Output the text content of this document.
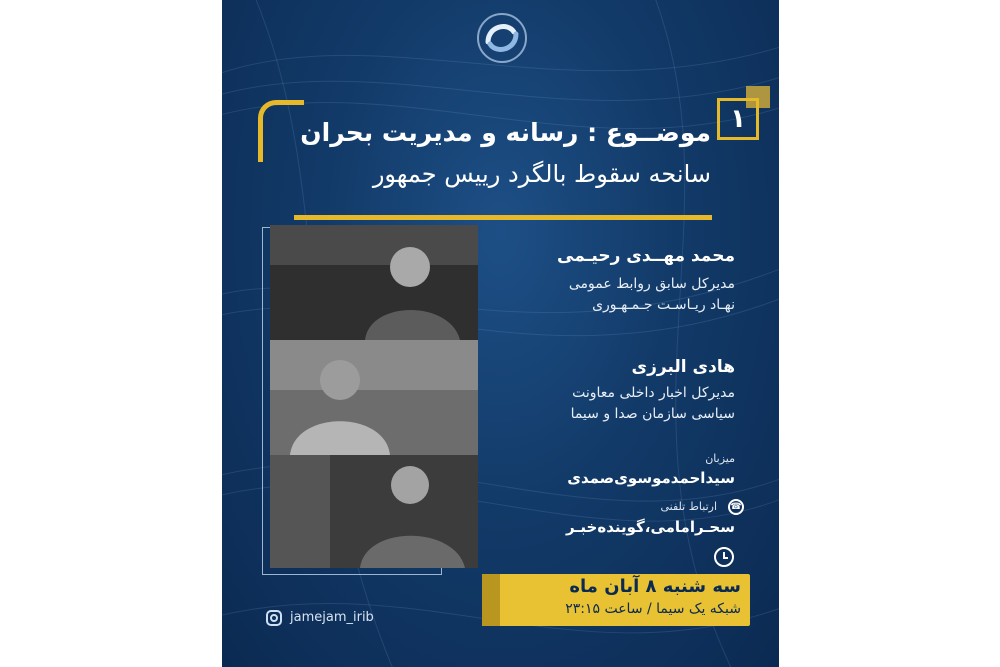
۱
موضــوع : رسانه و مدیریت بحران
سانحه سقوط بالگرد رییس جمهور
محمد مهــدی رحیـمی
مدیرکل سابق روابط عمومی
نهـاد ریـاسـت جـمـهـوری
هادی البرزی
مدیرکل اخبار داخلی معاونت
سیاسی سازمان صدا و سیما
میزبان
سیداحمدموسوی‌صمدی
☎
ارتباط تلفنی
سحـرامامی،گوینده‌خبـر
سه شنبه ۸ آبان ماه
شبکه یک سیما / ساعت ۲۳:۱۵
jamejam_irib
